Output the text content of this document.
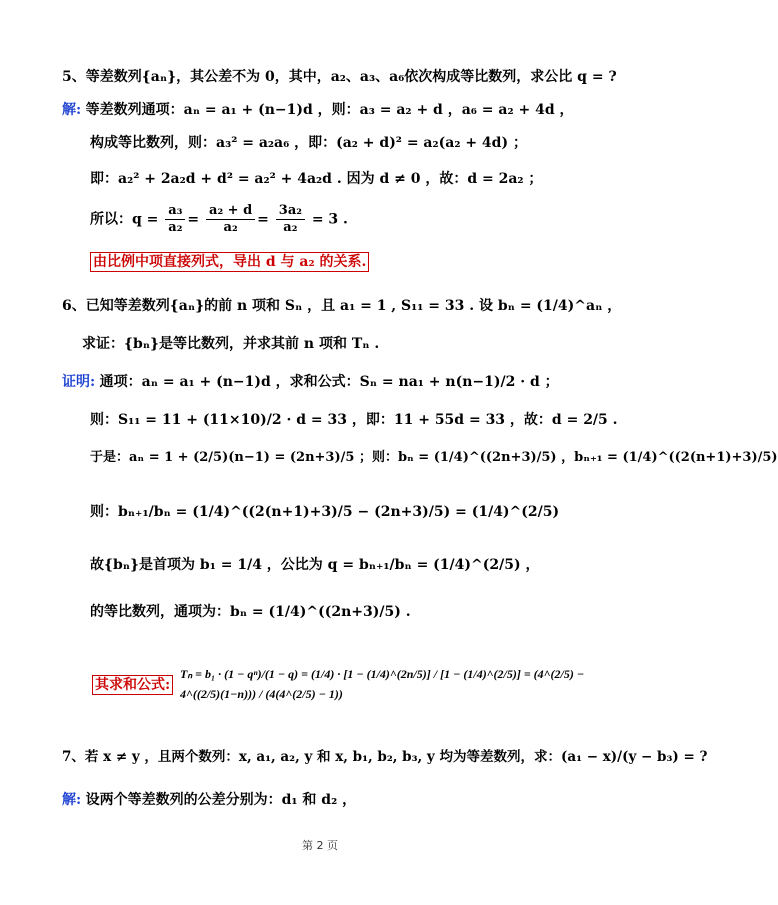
5、等差数列{aₙ}，其公差不为 0，其中，a₂、a₃、a₆依次构成等比数列，求公比 q = ?
解: 等差数列通项：aₙ = a₁ + (n−1)d ，则：a₃ = a₂ + d ，a₆ = a₂ + 4d ，
构成等比数列，则：a₃² = a₂a₆ ，即：(a₂ + d)² = a₂(a₂ + 4d) ；
即：a₂² + 2a₂d + d² = a₂² + 4a₂d . 因为 d ≠ 0 ，故：d = 2a₂ ；
所以：$q = \frac{\text{a₃}}{\text{a₂}} = \frac{\text{a₂ + d}}{\text{a₂}} = \frac{\text{3a₂}}{\text{a₂}} = 3$ .
由比例中项直接列式，导出 d 与 a₂ 的关系.
6、已知等差数列{aₙ}的前 n 项和 Sₙ ，且 a₁ = 1 , S₁₁ = 33 . 设 bₙ = (1/4)^aₙ ，
求证：{bₙ}是等比数列，并求其前 n 项和 Tₙ .
证明: 通项：aₙ = a₁ + (n−1)d ，求和公式：Sₙ = na₁ + n(n−1)/2 · d ；
则：S₁₁ = 11 + (11×10)/2 · d = 33 ，即：11 + 55d = 33 ，故：d = 2/5 .
于是：aₙ = 1 + (2/5)(n−1) = (2n+3)/5 ；则：bₙ = (1/4)^((2n+3)/5) ，bₙ₊₁ = (1/4)^((2(n+1)+3)/5)
则：bₙ₊₁/bₙ = (1/4)^((2(n+1)+3)/5 − (2n+3)/5) = (1/4)^(2/5)
故{bₙ}是首项为 b₁ = 1/4 ，公比为 q = bₙ₊₁/bₙ = (1/4)^(2/5) ，
的等比数列，通项为：bₙ = (1/4)^((2n+3)/5) .
其求和公式:
Tₙ = b₁ · (1 − qⁿ)/(1 − q) = (1/4) · [1 − (1/4)^(2n/5)] / [1 − (1/4)^(2/5)] = (4^(2/5) − 4^((2/5)(1−n))) / (4(4^(2/5) − 1))
7、若 x ≠ y ，且两个数列：x, a₁, a₂, y 和 x, b₁, b₂, b₃, y 均为等差数列，求：(a₁ − x)/(y − b₃) = ?
解: 设两个等差数列的公差分别为：d₁ 和 d₂ ，
第 2 页
